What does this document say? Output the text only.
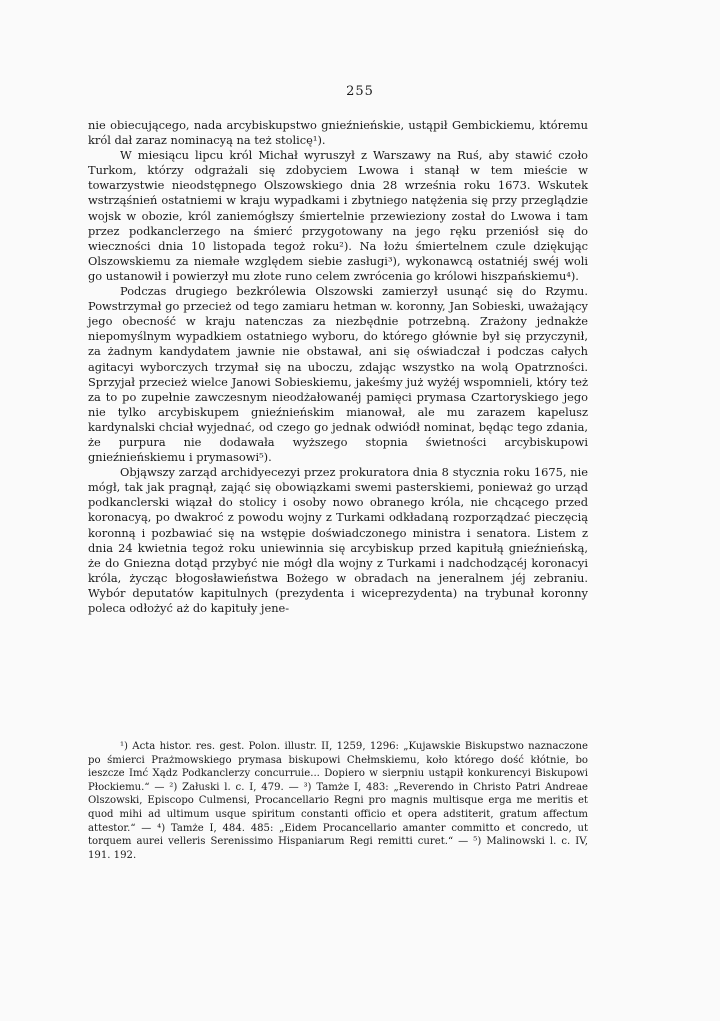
255

nie obiecującego, nada arcybiskupstwo gnieźnieńskie, ustąpił Gembickiemu, któremu król dał zaraz nominacyą na też stolicę¹).

W miesiącu lipcu król Michał wyruszył z Warszawy na Ruś, aby stawić czoło Turkom, którzy odgrażali się zdobyciem Lwowa i stanął w tem mieście w towarzystwie nieodstępnego Olszowskiego dnia 28 września roku 1673. Wskutek wstrząśnień ostatniemi w kraju wypadkami i zbytniego natężenia się przy przeglądzie wojsk w obozie, król zaniemógłszy śmiertelnie przewieziony został do Lwowa i tam przez podkanclerzego na śmierć przygotowany na jego ręku przeniósł się do wieczności dnia 10 listopada tegoż roku²). Na łożu śmiertelnem czule dziękując Olszowskiemu za niemałe względem siebie zasługi³), wykonawcą ostatniéj swéj woli go ustanowił i powierzył mu złote runo celem zwrócenia go królowi hiszpańskiemu⁴).

Podczas drugiego bezkrólewia Olszowski zamierzył usunąć się do Rzymu. Powstrzymał go przecież od tego zamiaru hetman w. koronny, Jan Sobieski, uważający jego obecność w kraju natenczas za niezbędnie potrzebną. Zrażony jednakże niepomyślnym wypadkiem ostatniego wyboru, do którego głównie był się przyczynił, za żadnym kandydatem jawnie nie obstawał, ani się oświadczał i podczas całych agitacyi wyborczych trzymał się na uboczu, zdając wszystko na wolą Opatrzności. Sprzyjał przecież wielce Janowi Sobieskiemu, jakeśmy już wyżéj wspomnieli, który też za to po zupełnie zawczesnym nieodżałowanéj pamięci prymasa Czartoryskiego jego nie tylko arcybiskupem gnieźnieńskim mianował, ale mu zarazem kapelusz kardynalski chciał wyjednać, od czego go jednak odwiódł nominat, będąc tego zdania, że purpura nie dodawała wyższego stopnia świetności arcybiskupowi gnieźnieńskiemu i prymasowi⁵).

Objąwszy zarząd archidyecezyi przez prokuratora dnia 8 stycznia roku 1675, nie mógł, tak jak pragnął, zająć się obowiązkami swemi pasterskiemi, ponieważ go urząd podkanclerski wiązał do stolicy i osoby nowo obranego króla, nie chcącego przed koronacyą, po dwakroć z powodu wojny z Turkami odkładaną rozporządzać pieczęcią koronną i pozbawiać się na wstępie doświadczonego ministra i senatora. Listem z dnia 24 kwietnia tegoż roku uniewinnia się arcybiskup przed kapitułą gnieźnieńską, że do Gniezna dotąd przybyć nie mógł dla wojny z Turkami i nadchodzącéj koronacyi króla, życząc błogosławieństwa Bożego w obradach na jeneralnem jéj zebraniu. Wybór deputatów kapitulnych (prezydenta i wiceprezydenta) na trybunał koronny poleca odłożyć aż do kapituły jene-

¹) Acta histor. res. gest. Polon. illustr. II, 1259, 1296: „Kujawskie Biskupstwo naznaczone po śmierci Prażmowskiego prymasa biskupowi Chełmskiemu, koło którego dość kłótnie, bo ieszcze Imć Xądz Podkanclerzy concurruie... Dopiero w sierpniu ustąpił konkurencyi Biskupowi Płockiemu.“ — ²) Załuski l. c. I, 479. — ³) Tamże I, 483: „Reverendo in Christo Patri Andreae Olszowski, Episcopo Culmensi, Procancellario Regni pro magnis multisque erga me meritis et quod mihi ad ultimum usque spiritum constanti officio et opera adstiterit, gratum affectum attestor.“ — ⁴) Tamże I, 484. 485: „Eidem Procancellario amanter committo et concredo, ut torquem aurei velleris Serenissimo Hispaniarum Regi remitti curet.“ — ⁵) Malinowski l. c. IV, 191. 192.
